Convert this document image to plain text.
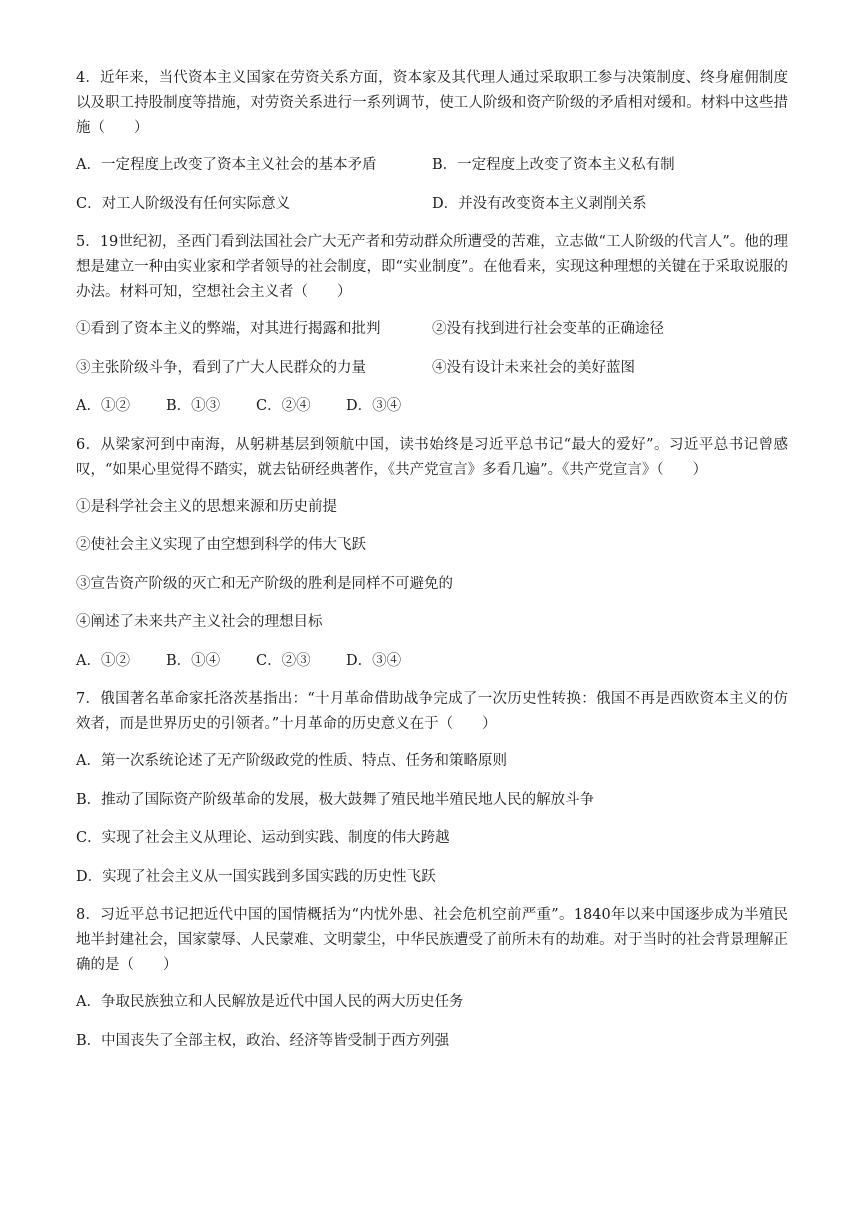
4．近年来，当代资本主义国家在劳资关系方面，资本家及其代理人通过采取职工参与决策制度、终身雇佣制度以及职工持股制度等措施，对劳资关系进行一系列调节，使工人阶级和资产阶级的矛盾相对缓和。材料中这些措施（　　）

A．一定程度上改变了资本主义社会的基本矛盾	B．一定程度上改变了资本主义私有制
C．对工人阶级没有任何实际意义	D．并没有改变资本主义剥削关系

5．19世纪初，圣西门看到法国社会广大无产者和劳动群众所遭受的苦难，立志做“工人阶级的代言人”。他的理想是建立一种由实业家和学者领导的社会制度，即“实业制度”。在他看来，实现这种理想的关键在于采取说服的办法。材料可知，空想社会主义者（　　）

①看到了资本主义的弊端，对其进行揭露和批判	②没有找到进行社会变革的正确途径
③主张阶级斗争，看到了广大人民群众的力量	④没有设计未来社会的美好蓝图
A．①②	B．①③	C．②④	D．③④

6．从梁家河到中南海，从躬耕基层到领航中国，读书始终是习近平总书记“最大的爱好”。习近平总书记曾感叹，“如果心里觉得不踏实，就去钻研经典著作，《共产党宣言》多看几遍”。《共产党宣言》（　　）

①是科学社会主义的思想来源和历史前提
②使社会主义实现了由空想到科学的伟大飞跃
③宣告资产阶级的灭亡和无产阶级的胜利是同样不可避免的
④阐述了未来共产主义社会的理想目标
A．①②	B．①④	C．②③	D．③④

7．俄国著名革命家托洛茨基指出：“十月革命借助战争完成了一次历史性转换：俄国不再是西欧资本主义的仿效者，而是世界历史的引领者。”十月革命的历史意义在于（　　）

A．第一次系统论述了无产阶级政党的性质、特点、任务和策略原则
B．推动了国际资产阶级革命的发展，极大鼓舞了殖民地半殖民地人民的解放斗争
C．实现了社会主义从理论、运动到实践、制度的伟大跨越
D．实现了社会主义从一国实践到多国实践的历史性飞跃

8．习近平总书记把近代中国的国情概括为“内忧外患、社会危机空前严重”。1840年以来中国逐步成为半殖民地半封建社会，国家蒙辱、人民蒙难、文明蒙尘，中华民族遭受了前所未有的劫难。对于当时的社会背景理解正确的是（　　）

A．争取民族独立和人民解放是近代中国人民的两大历史任务
B．中国丧失了全部主权，政治、经济等皆受制于西方列强
